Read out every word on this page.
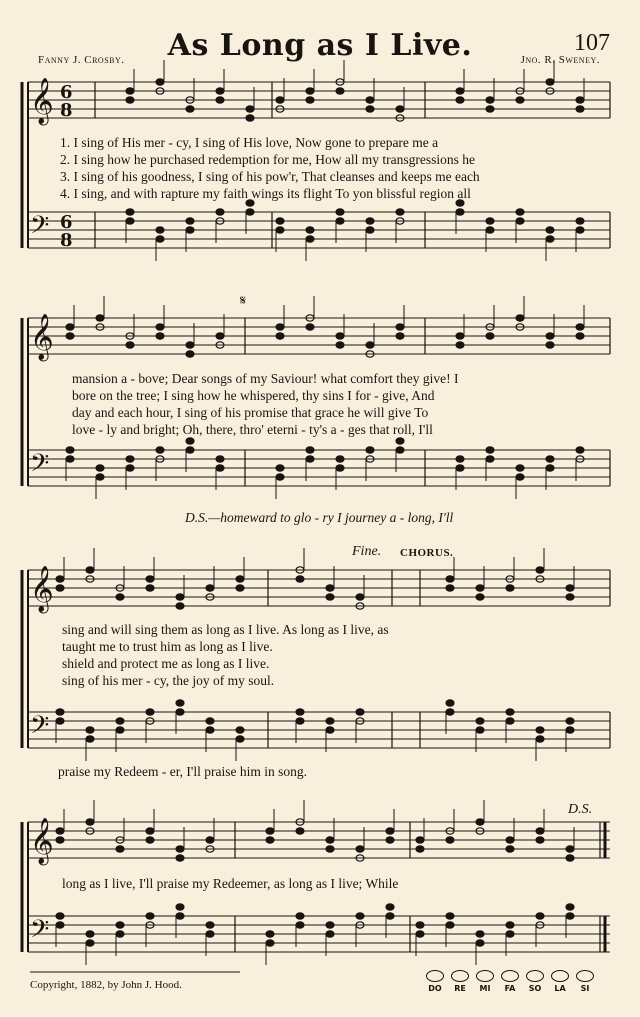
As Long as I Live.	107
Fanny J. Crosby.	Jno. R. Sweney.
𝄞
𝄢
6
8
6
8
𝄞
𝄢
𝄞
𝄢
𝄞
𝄢
1. I sing of His mer - cy, I sing of His love, Now gone to prepare me a
2. I sing how he purchased redemption for me, How all my transgressions he
3. I sing of his goodness, I sing of his pow'r, That cleanses and keeps me each
4. I sing, and with rapture my faith wings its flight To yon blissful region all
𝄋
mansion a - bove; Dear songs of my Saviour! what comfort they give! I
bore on the tree; I sing how he whispered, thy sins I for - give, And
day and each hour, I sing of his promise that grace he will give To
love - ly and bright; Oh, there, thro' eterni - ty's a - ges that roll, I'll
D.S.—homeward to glo - ry I journey a - long, I'll
Fine. CHORUS.
sing and will sing them as long as I live. As long as I live, as
taught me to trust him as long as I live.
shield and protect me as long as I live.
sing of his mer - cy, the joy of my soul.
praise my Redeem - er, I'll praise him in song.
D.S.
long as I live, I'll praise my Redeemer, as long as I live; While
Copyright, 1882, by John J. Hood.	DO	RE	MI	FA	SO	LA	SI
